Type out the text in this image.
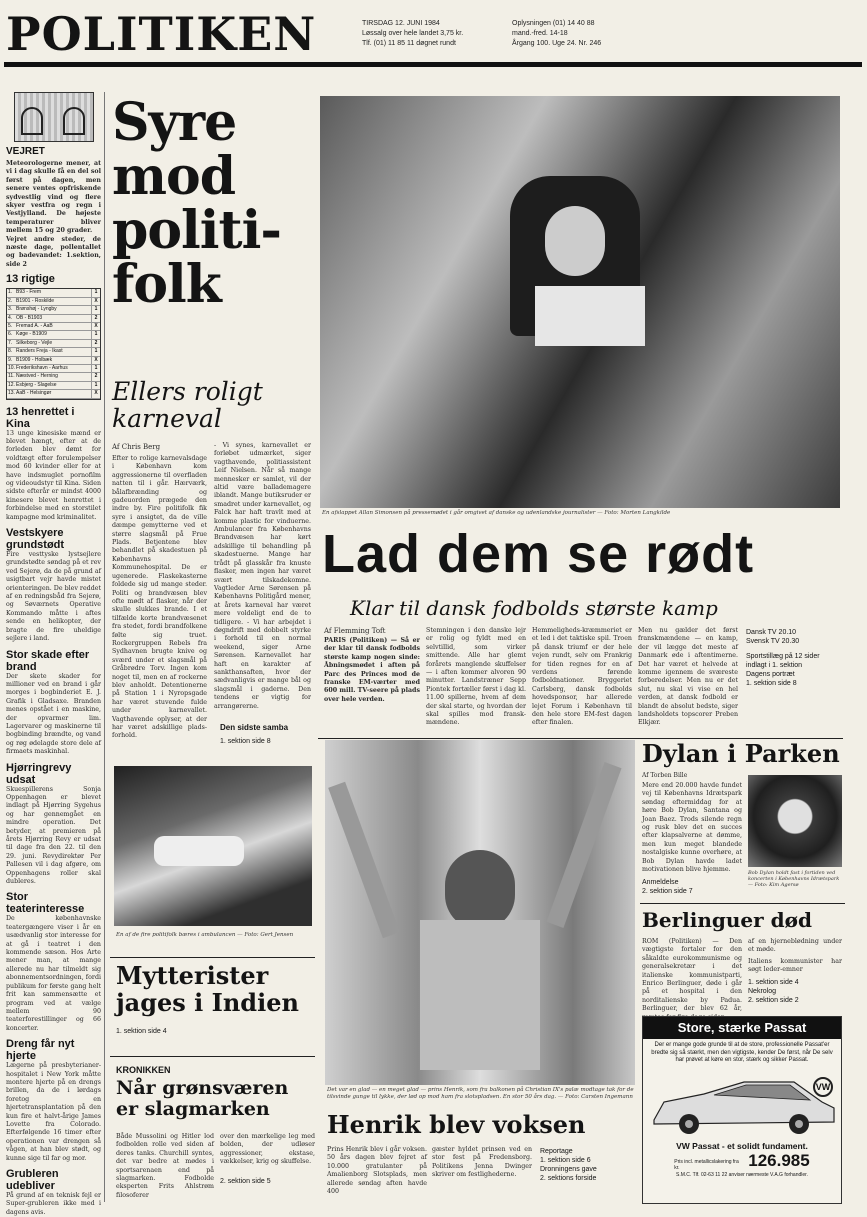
POLITIKEN	TIRSDAG 12. JUNI 1984
Løssalg over hele landet 3,75 kr.
Tlf. (01) 11 85 11 døgnet rundt
Oplysningen (01) 14 40 88
mand.-fred. 14-18
Årgang 100. Uge 24. Nr. 246
VEJRET
Meteorologerne mener, at vi i dag skulle få en del sol først på dagen, men senere ventes opfriskende sydvestlig vind og flere skyer vestfra og regn i Vestjylland. De højeste temperaturer bliver mellem 15 og 20 grader.
Vejret andre steder, de næste dage, pollentallet og badevandet: 1.sektion, side 2
13 rigtige
1. B93 - Frem	1
2. B1901 - Roskilde	X
3. Brønshøj - Lyngby	1
4. OB - B1903	2
5. Fremad A. - AaB	X
6. Køge - B1909	1
7. Silkeborg - Vejle	2
8. Randers Freja - Ikast	1
9. B1909 - Holbæk	X
10. Frederikshavn - Aarhus	1
11. Næstved - Herning	2
12. Esbjerg - Slagelse	1
13. AaB - Helsingør	X
13 henrettet i Kina
13 unge kinesiske mænd er blevet hængt, efter at de forleden blev dømt for voldtægt efter forulempelser mod 60 kvinder eller for at have indsmuglet pornofilm og videoudstyr til Kina. Siden sidste efterår er mindst 4000 kinesere blevet henrettet i forbindelse med en storstilet kampagne mod kriminalitet.
Vestskyere grundstødt
Fire vesttyske lystsejlere grundstødte søndag på et rev ved Sejerø, da de på grund af usigtbart vejr havde mistet orienteringen. De blev reddet af en redningsbåd fra Sejerø, og Søværnets Operative Kommando måtte i aftes sende en helikopter, der bragte de fire uheldige sejlere i land.
Stor skade efter brand
Der skete skader for millioner ved en brand i går morges i bogbinderiet E. J. Grafik i Gladsaxe. Branden menes opstået i en maskine, der opvarmer lim. Lagervarer og maskinerne til bogbinding brændte, og vand og røg ødelagde store dele af firmaets maskinhal.
Hjørringrevy udsat
Skuespillerens Sonja Oppenhagen er blevet indlagt på Hjørring Sygehus og har gennemgået en mindre operation. Det betyder, at premieren på årets Hjørring Revy er udsat til dage fra den 22. til den 29. juni. Revydirektør Per Pallesen vil i dag afgøre, om Oppenhagens roller skal dubleres.
Stor teaterinteresse
De københavnske teatergængere viser i år en usædvanlig stor interesse for at gå i teatret i den kommende sæson. Hos Arte mener man, at mange allerede nu har tilmeldt sig abonnementsordningen, fordi publikum for første gang helt frit kan sammensætte et program ved at vælge mellem 90 teaterforestillinger og 66 koncerter.
Dreng får nyt hjerte
Lægerne på presbyterianer-hospitalet i New York måtte montere hjerte på en drengs brillen, da de i lørdags foretog en hjertetransplantation på den kun fire et halvt-årige James Lovette fra Colorado. Efterfølgende 16 timer efter operationen var drengen så vågen, at han blev stødt, og kunne sige til far og mor.
Grubleren udebliver
På grund af en teknisk fejl er Super-grubleren ikke med i dagens avis.
Syre mod politi-folk
Ellers roligt karneval
Af Chris Berg
Efter to rolige karnevalsdage i København kom aggressionerne til overfladen natten til i går. Hærværk, bålafbrænding og gadeuorden prægede den indre by. Fire politifolk fik syre i ansigtet, da de ville dæmpe gemytterne ved et større slagsmål på Frue Plads. Betjentene blev behandlet på skadestuen på Københavns Kommunehospital. De er ugenerede. Flaskekasterne foldede sig ud mange steder. Politi og brandvæsen blev ofte mødt af flasker, når der skulle slukkes brande. I et tilfælde korte brandvæsenet fra stedet, fordi brandfolkene følte sig truet. Rockergruppen Rebels fra Sydhavnen brugte knive og sværd under et slagsmål på Gråbrødre Torv. Ingen kom noget til, men en af rockerne blev anholdt. Detentionerne på Station 1 i Nyropsgade har været stuvende fulde under karnevallet. Vagthavende oplyser, at der har været adskillige plads-forhold.
- Vi synes, karnevallet er forløbet udmærket, siger vagthavende, politiassistent Leif Nielsen. Når så mange mennesker er samlet, vil der altid være ballademagere iblandt. Mange butiksruder er smadret under karnevallet, og Falck har haft travlt med at komme plastic for vinduerne. Ambulancer fra Københavns Brandvæsen har kørt adskillige til behandling på skadestuerne. Mange har trådt på glasskår fra knuste flasker, men ingen har været svært tilskadekomne. Vagtleder Arne Sørensen på Københavns Politigård mener, at årets karneval har været mere voldeligt end de to tidligere. - Vi har arbejdet i døgndrift med dobbelt styrke i forhold til en normal weekend, siger Arne Sørensen. Karnevallet har haft en karakter af sankthansaften, hvor der sædvanligvis er mange bål og slagsmål i gaderne. Den tendens er vigtig for arrangørerne.
Den sidste samba
1. sektion side 8
En af de fire politifolk bæres i ambulancen — Foto: Gert Jensen
Mytterister jages i Indien
1. sektion side 4
KRONIKKEN
Når grønsværen er slagmarken
Både Mussolini og Hitler lod fodbolden rolle ved siden af deres tanks. Churchill syntes, det var bedre at mødes i sportsarenaen end på slagmarken. Fodbolde eksperten Frits Ahlstrøm filosoferer
over den mærkelige leg med bolden, der udløser aggressioner, ekstase, vækkelser, krig og skuffelse.
2. sektion side 5
En afslappet Allan Simonsen på pressemødet i går omgivet af danske og udenlandske journalister — Foto: Morten Langkilde
Lad dem se rødt
Klar til dansk fodbolds største kamp
Af Flemming Toft
PARIS (Politiken) — Så er der klar til dansk fodbolds største kamp nogen sinde: Åbningsmødet i aften på Parc des Princes mod de franske EM-værter med 600 mill. TV-seere på plads over hele verden.
Stemningen i den danske lejr er rolig og fyldt med en selvtillid, som virker smittende. Alle har glemt forårets manglende skuffelser — i aften kommer alvoren 90 minutter. Landstræner Sepp Piontek fortæller først i dag kl. 11.00 spillerne, hvem af dem der skal starte, og hvordan der skal spilles mod fransk-mændene.
Hemmeligheds-kræmmeriet er et led i det taktiske spil. Troen på dansk triumf er der hele vejen rundt, selv om Frankrig for tiden regnes for en af verdens førende fodboldnationer. Bryggeriet Carlsberg, dansk fodbolds hovedsponsor, har allerede lejet Forum i København til den hele store EM-fest dagen efter finalen.
Men nu gælder det først franskmændene — en kamp, der vil lægge det meste af Danmark øde i aftentimerne. Det har været et helvede at komme igennem de sværeste forberedelser. Men nu er det slut, nu skal vi vise en hel verden, at dansk fodbold er blandt de absolut bedste, siger landsholdets topscorer Preben Elkjær.
Dansk TV 20.10
Svensk TV 20.30
Sportstillæg på 12 sider indlagt i 1. sektion
Dagens portræt
1. sektion side 8
Det var en glad — en meget glad — prins Henrik, som fra balkonen på Christian IX's palæ modtage tak for de tilsvinde gunge til lykke, der lød op mod ham fra slotspladsen. En stor 50 års dag. — Foto: Carsten Ingemann
Henrik blev voksen
Prins Henrik blev i går voksen. 50 års dagen blev fejret af 10.000 gratulanter på Amalienborg Slotsplads, men allerede søndag aften havde 400
gæster hyldet prinsen ved en stor fest på Fredensborg. Politikens Jenna Dwinger skriver om festlighederne.
Reportage
1. sektion side 6
Dronningens gave
2. sektions forside
Dylan i Parken
Af Torben Bille
Mere end 20.000 havde fundet vej til Københavns Idrætspark søndag eftermiddag for at høre Bob Dylan, Santana og Joan Baez. Trods silende regn og rusk blev det en succes efter klapsalverne at dømme, men kun meget blandede nostalgiske kunne overhøre, at Bob Dylan havde ladet motivationen blive hjemme.	Bob Dylan holdt fast i fortiden ved koncerten i Københavns Idrætspark — Foto: Kim Agersø
Anmeldelse
2. sektion side 7
Berlinguer død
ROM (Politiken) — Den vægtigste fortaler for den såkaldte eurokommunisme og generalsekretær i det italienske kommunistparti, Enrico Berlinguer, døde i går på et hospital i den norditalienske by Padua. Berlinguer, der blev 62 år,
af en hjerneblødning under et møde.
Italiens kommunister har søgt leder-emner
1. sektion side 4
Nekrolog
2. sektion side 2
Store, stærke Passat
Der er mange gode grunde til at de store, professionelle Passat'er bredte sig så stærkt, men den vigtigste, kender De først, når De selv har prøvet at køre en stor, stærk og sikker Passat.
VW
VW Passat - et solidt fundament.
Pris incl. metallicslakering fra kr.	126.985
S.M.C. Tlf. 02-63 11 22 anviser nærmeste V.A.G forhandler.
